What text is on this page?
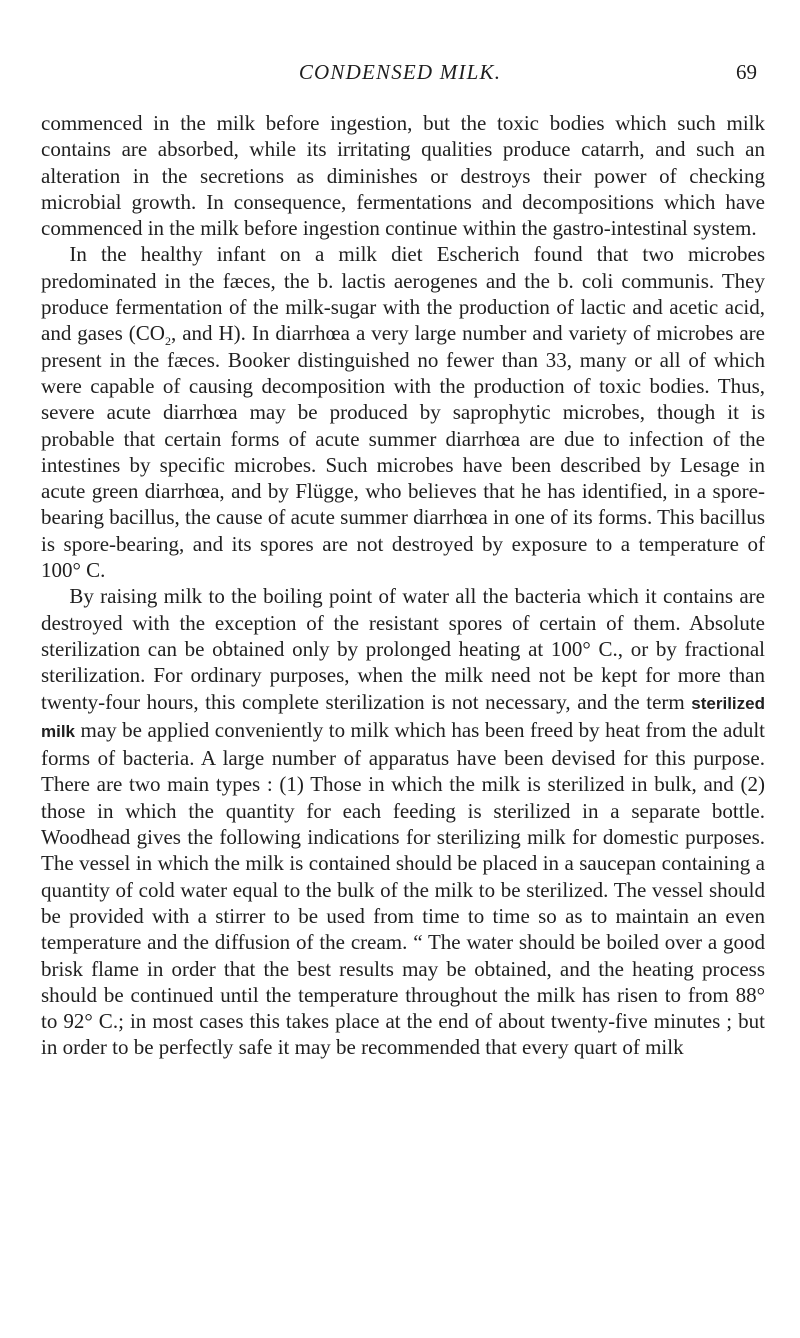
CONDENSED MILK.	69

commenced in the milk before ingestion, but the toxic bodies which such milk contains are absorbed, while its irritating qualities produce catarrh, and such an alteration in the secretions as diminishes or destroys their power of checking microbial growth. In consequence, fermentations and decompositions which have commenced in the milk before ingestion continue within the gastro-intestinal system.

In the healthy infant on a milk diet Escherich found that two microbes predominated in the fæces, the b. lactis aerogenes and the b. coli communis. They produce fermentation of the milk-sugar with the production of lactic and acetic acid, and gases ($CO_2$, and H). In diarrhœa a very large number and variety of microbes are present in the fæces. Booker distinguished no fewer than 33, many or all of which were capable of causing decomposition with the production of toxic bodies. Thus, severe acute diarrhœa may be produced by saprophytic microbes, though it is probable that certain forms of acute summer diarrhœa are due to infection of the intestines by specific microbes. Such microbes have been described by Lesage in acute green diarrhœa, and by Flügge, who believes that he has identified, in a spore-bearing bacillus, the cause of acute summer diarrhœa in one of its forms. This bacillus is spore-bearing, and its spores are not destroyed by exposure to a temperature of 100° C.

By raising milk to the boiling point of water all the bacteria which it contains are destroyed with the exception of the resistant spores of certain of them. Absolute sterilization can be obtained only by prolonged heating at 100° C., or by fractional sterilization. For ordinary purposes, when the milk need not be kept for more than twenty-four hours, this complete sterilization is not necessary, and the term sterilized milk may be applied conveniently to milk which has been freed by heat from the adult forms of bacteria. A large number of apparatus have been devised for this purpose. There are two main types : (1) Those in which the milk is sterilized in bulk, and (2) those in which the quantity for each feeding is sterilized in a separate bottle. Woodhead gives the following indications for sterilizing milk for domestic purposes. The vessel in which the milk is contained should be placed in a saucepan containing a quantity of cold water equal to the bulk of the milk to be sterilized. The vessel should be provided with a stirrer to be used from time to time so as to maintain an even temperature and the diffusion of the cream. “ The water should be boiled over a good brisk flame in order that the best results may be obtained, and the heating process should be continued until the temperature throughout the milk has risen to from 88° to 92° C.; in most cases this takes place at the end of about twenty-five minutes ; but in order to be perfectly safe it may be recommended that every quart of milk
